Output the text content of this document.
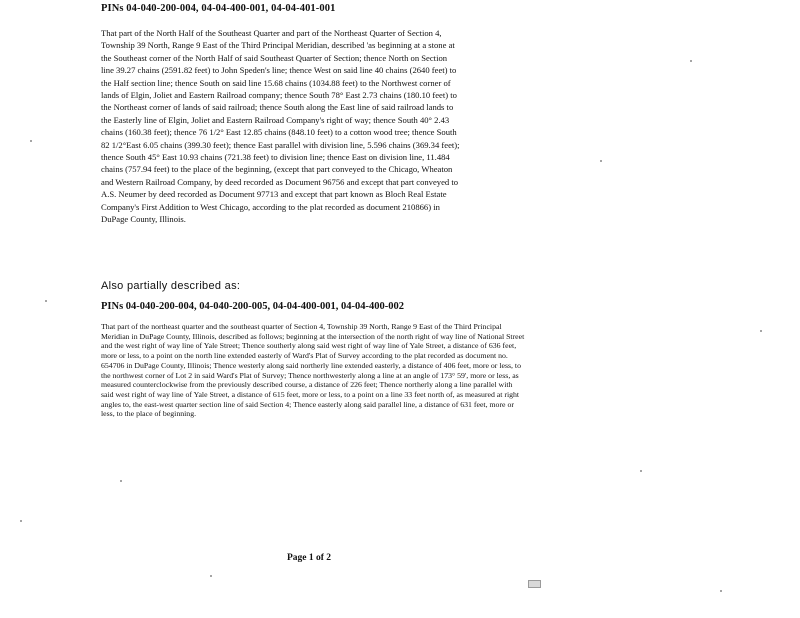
PINs 04-040-200-004, 04-04-400-001, 04-04-401-001

That part of the North Half of the Southeast Quarter and part of the Northeast Quarter of Section 4, Township 39 North, Range 9 East of the Third Principal Meridian, described 'as beginning at a stone at the Southeast corner of the North Half of said Southeast Quarter of Section; thence North on Section line 39.27 chains (2591.82 feet) to John Speden's line; thence West on said line 40 chains (2640 feet) to the Half section line; thence South on said line 15.68 chains (1034.88 feet) to the Northwest corner of lands of Elgin, Joliet and Eastern Railroad company; thence South 78° East 2.73 chains (180.10 feet) to the Northeast corner of lands of said railroad; thence South along the East line of said railroad lands to the Easterly line of Elgin, Joliet and Eastern Railroad Company's right of way; thence South 40° 2.43 chains (160.38 feet); thence 76 1/2° East 12.85 chains (848.10 feet) to a cotton wood tree; thence South 82 1/2°East 6.05 chains (399.30 feet); thence East parallel with division line, 5.596 chains (369.34 feet); thence South 45° East 10.93 chains (721.38 feet) to division line; thence East on division line, 11.484 chains (757.94 feet) to the place of the beginning, (except that part conveyed to the Chicago, Wheaton and Western Railroad Company, by deed recorded as Document 96756 and except that part conveyed to A.S. Neumer by deed recorded as Document 97713 and except that part known as Bloch Real Estate Company's First Addition to West Chicago, according to the plat recorded as document 210866) in DuPage County, Illinois.

Also partially described as:
PINs 04-040-200-004, 04-040-200-005, 04-04-400-001, 04-04-400-002

That part of the northeast quarter and the southeast quarter of Section 4, Township 39 North, Range 9 East of the Third Principal Meridian in DuPage County, Illinois, described as follows; beginning at the intersection of the north right of way line of National Street and the west right of way line of Yale Street; Thence southerly along said west right of way line of Yale Street, a distance of 636 feet, more or less, to a point on the north line extended easterly of Ward's Plat of Survey according to the plat recorded as document no. 654706 in DuPage County, Illinois; Thence westerly along said northerly line extended easterly, a distance of 406 feet, more or less, to the northwest corner of Lot 2 in said Ward's Plat of Survey; Thence northwesterly along a line at an angle of 173° 59', more or less, as measured counterclockwise from the previously described course, a distance of 226 feet; Thence northerly along a line parallel with said west right of way line of Yale Street, a distance of 615 feet, more or less, to a point on a line 33 feet north of, as measured at right angles to, the east-west quarter section line of said Section 4; Thence easterly along said parallel line, a distance of 631 feet, more or less, to the place of beginning.

Page 1 of 2
